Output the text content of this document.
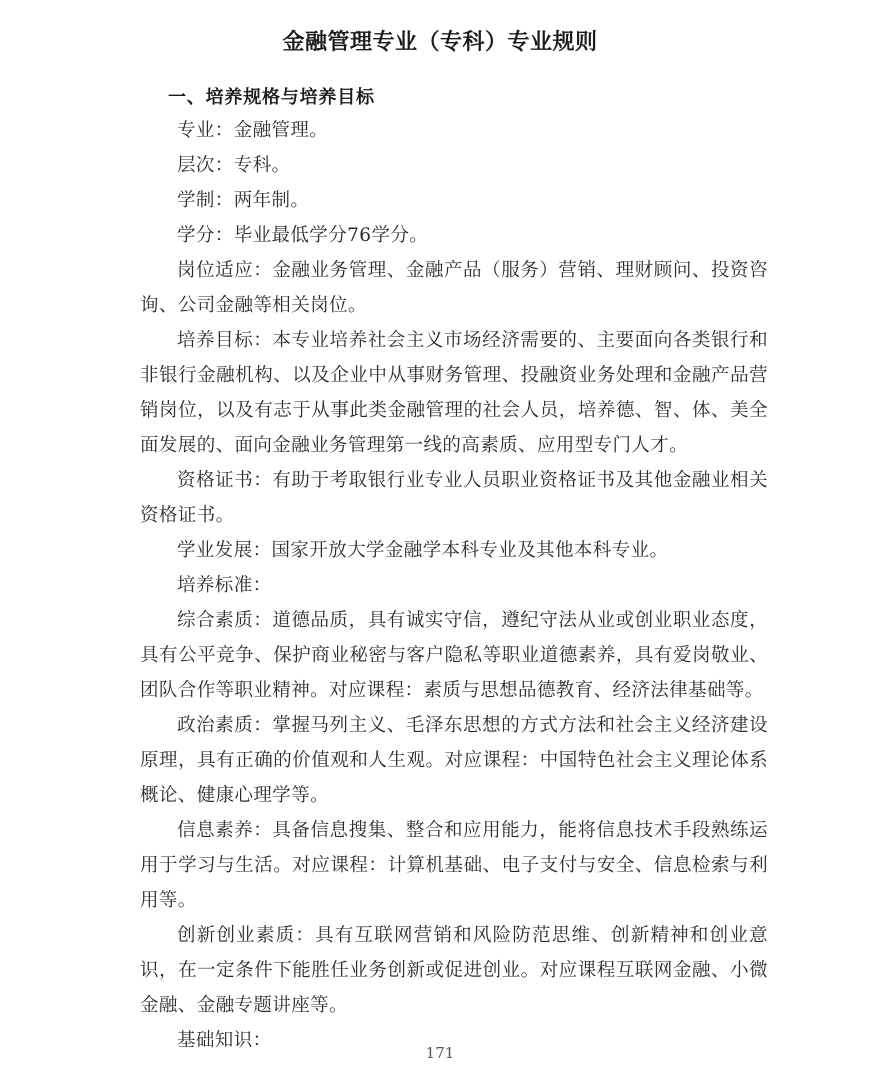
金融管理专业（专科）专业规则
一、培养规格与培养目标

专业：金融管理。

层次：专科。

学制：两年制。

学分：毕业最低学分76学分。

岗位适应：金融业务管理、金融产品（服务）营销、理财顾问、投资咨询、公司金融等相关岗位。

培养目标：本专业培养社会主义市场经济需要的、主要面向各类银行和非银行金融机构、以及企业中从事财务管理、投融资业务处理和金融产品营销岗位，以及有志于从事此类金融管理的社会人员，培养德、智、体、美全面发展的、面向金融业务管理第一线的高素质、应用型专门人才。

资格证书：有助于考取银行业专业人员职业资格证书及其他金融业相关资格证书。

学业发展：国家开放大学金融学本科专业及其他本科专业。

培养标准：

综合素质：道德品质，具有诚实守信，遵纪守法从业或创业职业态度，具有公平竞争、保护商业秘密与客户隐私等职业道德素养，具有爱岗敬业、团队合作等职业精神。对应课程：素质与思想品德教育、经济法律基础等。

政治素质：掌握马列主义、毛泽东思想的方式方法和社会主义经济建设原理，具有正确的价值观和人生观。对应课程：中国特色社会主义理论体系概论、健康心理学等。

信息素养：具备信息搜集、整合和应用能力，能将信息技术手段熟练运用于学习与生活。对应课程：计算机基础、电子支付与安全、信息检索与利用等。

创新创业素质：具有互联网营销和风险防范思维、创新精神和创业意识，在一定条件下能胜任业务创新或促进创业。对应课程互联网金融、小微金融、金融专题讲座等。

基础知识：

171
